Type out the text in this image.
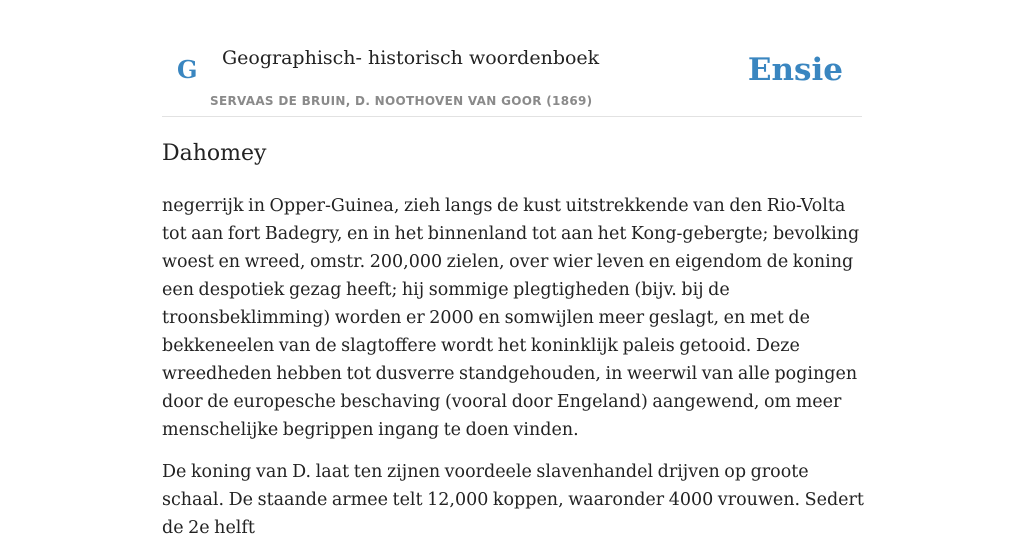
G Geographisch- historisch woordenboek
SERVAAS DE BRUIN, D. NOOTHOVEN VAN GOOR (1869)
Ensie
Dahomey

negerrijk in Opper-Guinea, zieh langs de kust uitstrekkende van den Rio-Volta tot aan fort Badegry, en in het binnenland tot aan het Kong-gebergte; bevolking woest en wreed, omstr. 200,000 zielen, over wier leven en eigendom de koning een despotiek gezag heeft; hij sommige plegtigheden (bijv. bij de troonsbeklimming) worden er 2000 en somwijlen meer geslagt, en met de bekkeneelen van de slagtoffere wordt het koninklijk paleis getooid. Deze wreedheden hebben tot dusverre standgehouden, in weerwil van alle pogingen door de europesche beschaving (vooral door Engeland) aangewend, om meer menschelijke begrippen ingang te doen vinden.

De koning van D. laat ten zijnen voordeele slavenhandel drijven op groote schaal. De staande armee telt 12,000 koppen, waaronder 4000 vrouwen. Sedert de 2e helft
